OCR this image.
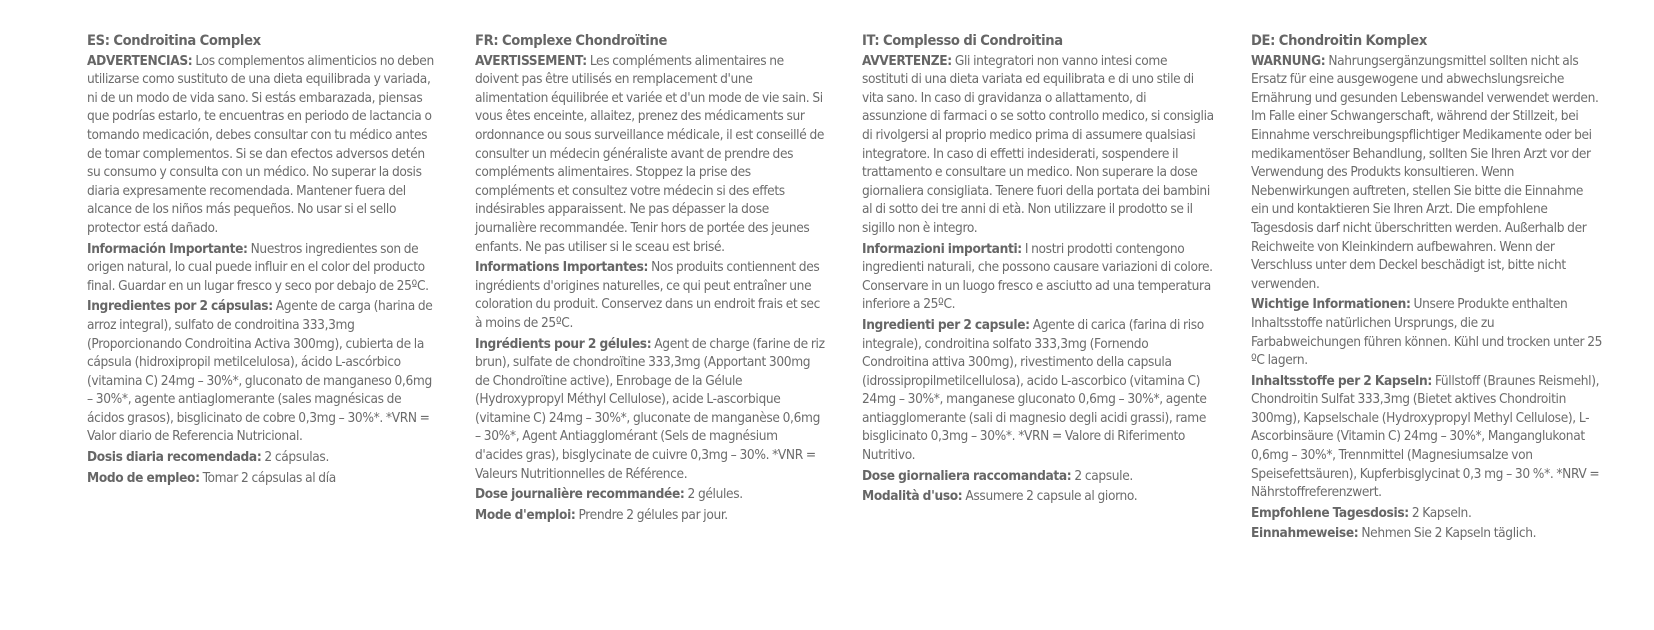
ES: Condroitina Complex
ADVERTENCIAS: Los complementos alimenticios no deben utilizarse como sustituto de una dieta equilibrada y variada, ni de un modo de vida sano. Si estás embarazada, piensas que podrías estarlo, te encuentras en periodo de lactancia o tomando medicación, debes consultar con tu médico antes de tomar complementos. Si se dan efectos adversos detén su consumo y consulta con un médico. No superar la dosis diaria expresamente recomendada. Mantener fuera del alcance de los niños más pequeños. No usar si el sello protector está dañado.
Información Importante: Nuestros ingredientes son de origen natural, lo cual puede influir en el color del producto final. Guardar en un lugar fresco y seco por debajo de 25ºC.
Ingredientes por 2 cápsulas: Agente de carga (harina de arroz integral), sulfato de condroitina 333,3mg (Proporcionando Condroitina Activa 300mg), cubierta de la cápsula (hidroxipropil metilcelulosa), ácido L-ascórbico (vitamina C) 24mg – 30%*, gluconato de manganeso 0,6mg – 30%*, agente antiaglomerante (sales magnésicas de ácidos grasos), bisglicinato de cobre 0,3mg – 30%*. *VRN = Valor diario de Referencia Nutricional.
Dosis diaria recomendada: 2 cápsulas.
Modo de empleo: Tomar 2 cápsulas al día
FR: Complexe Chondroïtine
AVERTISSEMENT: Les compléments alimentaires ne doivent pas être utilisés en remplacement d'une alimentation équilibrée et variée et d'un mode de vie sain. Si vous êtes enceinte, allaitez, prenez des médicaments sur ordonnance ou sous surveillance médicale, il est conseillé de consulter un médecin généraliste avant de prendre des compléments alimentaires. Stoppez la prise des compléments et consultez votre médecin si des effets indésirables apparaissent. Ne pas dépasser la dose journalière recommandée. Tenir hors de portée des jeunes enfants. Ne pas utiliser si le sceau est brisé.
Informations Importantes: Nos produits contiennent des ingrédients d'origines naturelles, ce qui peut entraîner une coloration du produit. Conservez dans un endroit frais et sec à moins de 25ºC.
Ingrédients pour 2 gélules: Agent de charge (farine de riz brun), sulfate de chondroïtine 333,3mg (Apportant 300mg de Chondroïtine active), Enrobage de la Gélule (Hydroxypropyl Méthyl Cellulose), acide L-ascorbique (vitamine C) 24mg – 30%*, gluconate de manganèse 0,6mg – 30%*, Agent Antiagglomérant (Sels de magnésium d'acides gras), bisglycinate de cuivre 0,3mg – 30%. *VNR = Valeurs Nutritionnelles de Référence.
Dose journalière recommandée: 2 gélules.
Mode d'emploi: Prendre 2 gélules par jour.
IT: Complesso di Condroitina
AVVERTENZE: Gli integratori non vanno intesi come sostituti di una dieta variata ed equilibrata e di uno stile di vita sano. In caso di gravidanza o allattamento, di assunzione di farmaci o se sotto controllo medico, si consiglia di rivolgersi al proprio medico prima di assumere qualsiasi integratore. In caso di effetti indesiderati, sospendere il trattamento e consultare un medico. Non superare la dose giornaliera consigliata. Tenere fuori della portata dei bambini al di sotto dei tre anni di età. Non utilizzare il prodotto se il sigillo non è integro.
Informazioni importanti: I nostri prodotti contengono ingredienti naturali, che possono causare variazioni di colore. Conservare in un luogo fresco e asciutto ad una temperatura inferiore a 25ºC.
Ingredienti per 2 capsule: Agente di carica (farina di riso integrale), condroitina solfato 333,3mg (Fornendo Condroitina attiva 300mg), rivestimento della capsula (idrossipropilmetilcellulosa), acido L-ascorbico (vitamina C) 24mg – 30%*, manganese gluconato 0,6mg – 30%*, agente antiagglomerante (sali di magnesio degli acidi grassi), rame bisglicinato 0,3mg – 30%*. *VRN = Valore di Riferimento Nutritivo.
Dose giornaliera raccomandata: 2 capsule.
Modalità d'uso: Assumere 2 capsule al giorno.
DE: Chondroitin Komplex
WARNUNG: Nahrungsergänzungsmittel sollten nicht als Ersatz für eine ausgewogene und abwechslungsreiche Ernährung und gesunden Lebenswandel verwendet werden. Im Falle einer Schwangerschaft, während der Stillzeit, bei Einnahme verschreibungspflichtiger Medikamente oder bei medikamentöser Behandlung, sollten Sie Ihren Arzt vor der Verwendung des Produkts konsultieren. Wenn Nebenwirkungen auftreten, stellen Sie bitte die Einnahme ein und kontaktieren Sie Ihren Arzt. Die empfohlene Tagesdosis darf nicht überschritten werden. Außerhalb der Reichweite von Kleinkindern aufbewahren. Wenn der Verschluss unter dem Deckel beschädigt ist, bitte nicht verwenden.
Wichtige Informationen: Unsere Produkte enthalten Inhaltsstoffe natürlichen Ursprungs, die zu Farbabweichungen führen können. Kühl und trocken unter 25 ºC lagern.
Inhaltsstoffe per 2 Kapseln: Füllstoff (Braunes Reismehl), Chondroitin Sulfat 333,3mg (Bietet aktives Chondroitin 300mg), Kapselschale (Hydroxypropyl Methyl Cellulose), L-Ascorbinsäure (Vitamin C) 24mg – 30%*, Manganglukonat 0,6mg – 30%*, Trennmittel (Magnesiumsalze von Speisefettsäuren), Kupferbisglycinat 0,3 mg – 30 %*. *NRV = Nährstoffreferenzwert.
Empfohlene Tagesdosis: 2 Kapseln.
Einnahmeweise: Nehmen Sie 2 Kapseln täglich.
